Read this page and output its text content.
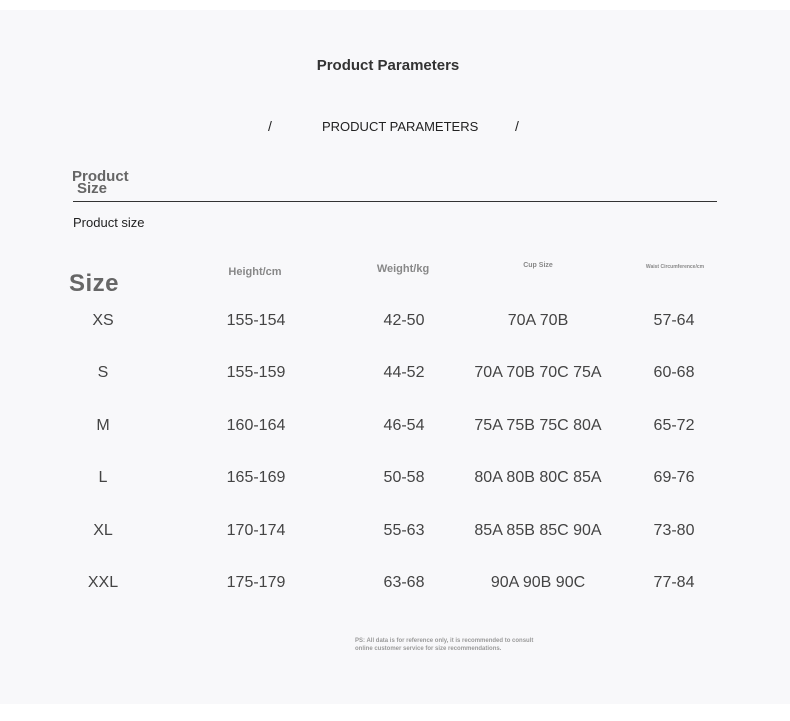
Product Parameters
/	PRODUCT PARAMETERS	/
Product
Size
Product size
Size	Height/cm	Weight/kg	Cup Size	Waist Circumference/cm
XS	155-154	42-50	70A 70B	57-64
S	155-159	44-52	70A 70B 70C 75A	60-68
M	160-164	46-54	75A 75B 75C 80A	65-72
L	165-169	50-58	80A 80B 80C 85A	69-76
XL	170-174	55-63	85A 85B 85C 90A	73-80
XXL	175-179	63-68	90A 90B 90C	77-84
PS: All data is for reference only, it is recommended to consult
online customer service for size recommendations.
